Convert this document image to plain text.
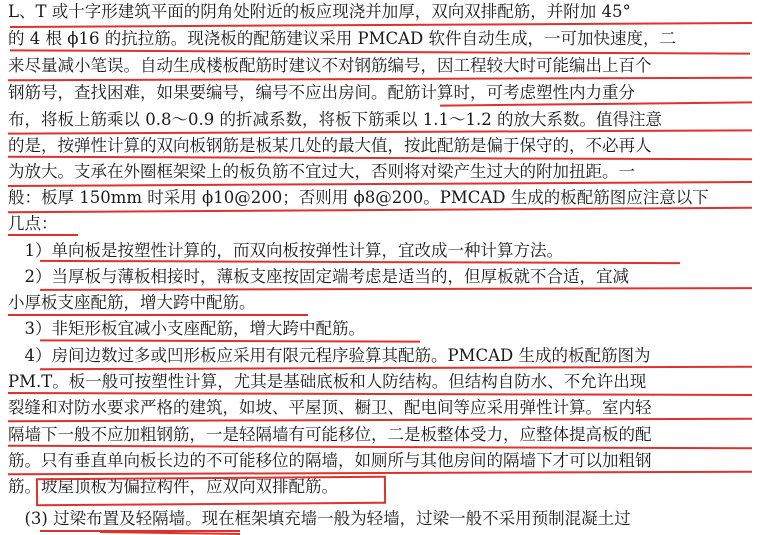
L、T 或十字形建筑平面的阴角处附近的板应现浇并加厚，双向双排配筋，并附加 45°
的 4 根 ϕ16 的抗拉筋。现浇板的配筋建议采用 PMCAD 软件自动生成，一可加快速度，二
来尽量减小笔误。自动生成楼板配筋时建议不对钢筋编号，因工程较大时可能编出上百个
钢筋号，查找困难，如果要编号，编号不应出房间。配筋计算时，可考虑塑性内力重分
布，将板上筋乘以 0.8～0.9 的折减系数，将板下筋乘以 1.1～1.2 的放大系数。值得注意
的是，按弹性计算的双向板钢筋是板某几处的最大值，按此配筋是偏于保守的，不必再人
为放大。支承在外圈框架梁上的板负筋不宜过大，否则将对梁产生过大的附加扭距。一
般：板厚 150mm 时采用 ϕ10@200；否则用 ϕ8@200。PMCAD 生成的板配筋图应注意以下
几点：
　1）单向板是按塑性计算的，而双向板按弹性计算，宜改成一种计算方法。
　2）当厚板与薄板相接时，薄板支座按固定端考虑是适当的，但厚板就不合适，宜减
小厚板支座配筋，增大跨中配筋。
　3）非矩形板宜减小支座配筋，增大跨中配筋。
　4）房间边数过多或凹形板应采用有限元程序验算其配筋。PMCAD 生成的板配筋图为
PM.T。板一般可按塑性计算，尤其是基础底板和人防结构。但结构自防水、不允许出现
裂缝和对防水要求严格的建筑，如坡、平屋顶、橱卫、配电间等应采用弹性计算。室内轻
隔墙下一般不应加粗钢筋，一是轻隔墙有可能移位，二是板整体受力，应整体提高板的配
筋。只有垂直单向板长边的不可能移位的隔墙，如厕所与其他房间的隔墙下才可以加粗钢
筋。坡屋顶板为偏拉构件，应双向双排配筋。
　(3) 过梁布置及轻隔墙。现在框架填充墙一般为轻墙，过梁一般不采用预制混凝土过
